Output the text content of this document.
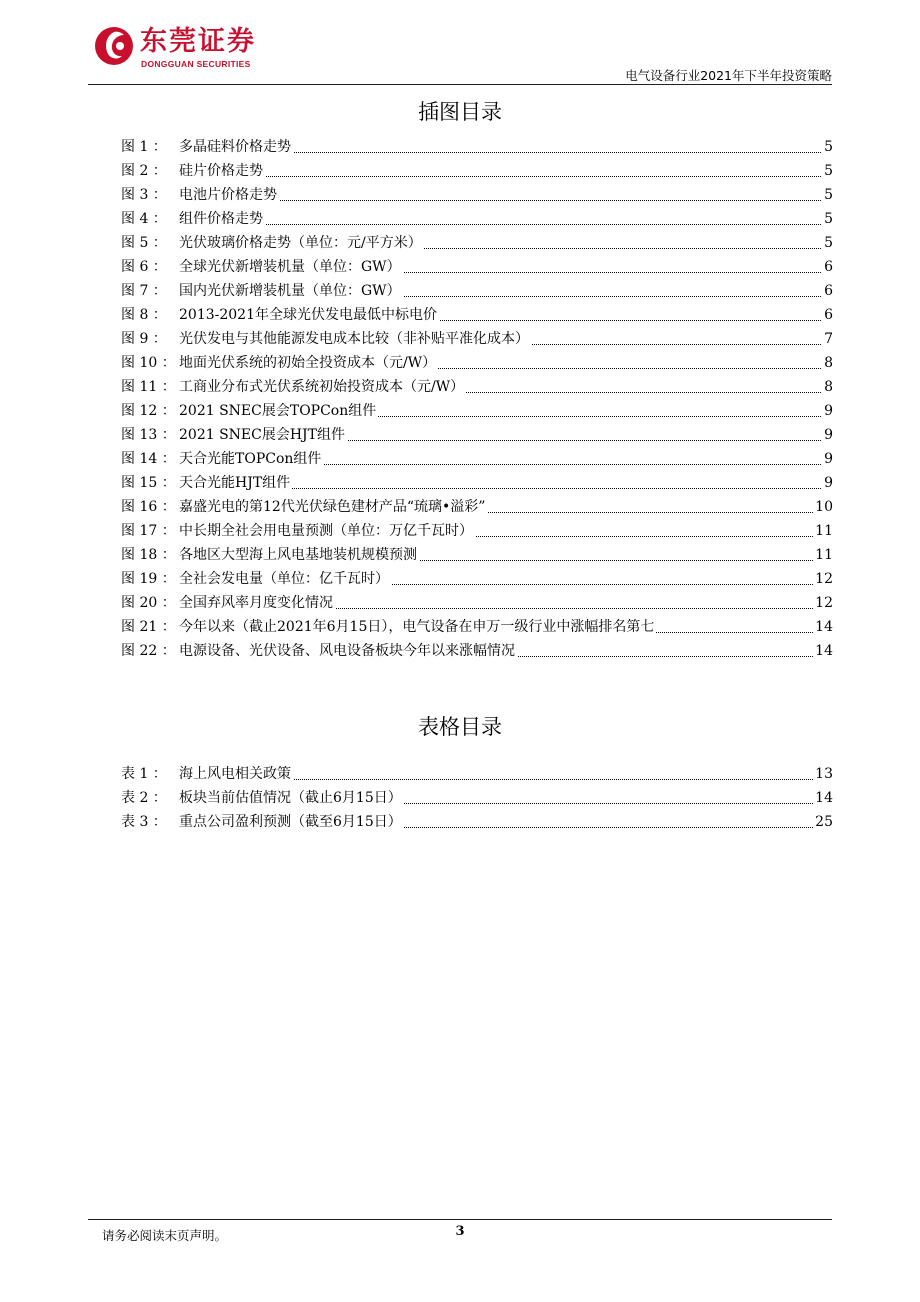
东莞证券
DONGGUAN SECURITIES
电气设备行业2021年下半年投资策略
插图目录
图 1 ： 多晶硅料价格走势	5
图 2 ： 硅片价格走势	5
图 3 ： 电池片价格走势	5
图 4 ： 组件价格走势	5
图 5 ： 光伏玻璃价格走势（单位：元/平方米）	5
图 6 ： 全球光伏新增装机量（单位：GW）	6
图 7 ： 国内光伏新增装机量（单位：GW）	6
图 8 ： 2013-2021年全球光伏发电最低中标电价	6
图 9 ： 光伏发电与其他能源发电成本比较（非补贴平准化成本）	7
图 10 ： 地面光伏系统的初始全投资成本（元/W）	8
图 11 ： 工商业分布式光伏系统初始投资成本（元/W）	8
图 12 ： 2021 SNEC展会TOPCon组件	9
图 13 ： 2021 SNEC展会HJT组件	9
图 14 ： 天合光能TOPCon组件	9
图 15 ： 天合光能HJT组件	9
图 16 ： 嘉盛光电的第12代光伏绿色建材产品“琉璃•溢彩”	10
图 17 ： 中长期全社会用电量预测（单位：万亿千瓦时）	11
图 18 ： 各地区大型海上风电基地装机规模预测	11
图 19 ： 全社会发电量（单位：亿千瓦时）	12
图 20 ： 全国弃风率月度变化情况	12
图 21 ： 今年以来（截止2021年6月15日），电气设备在申万一级行业中涨幅排名第七	14
图 22 ： 电源设备、光伏设备、风电设备板块今年以来涨幅情况	14
表格目录
表 1 ： 海上风电相关政策	13
表 2 ： 板块当前估值情况（截止6月15日）	14
表 3 ： 重点公司盈利预测（截至6月15日）	25
请务必阅读末页声明。	3
